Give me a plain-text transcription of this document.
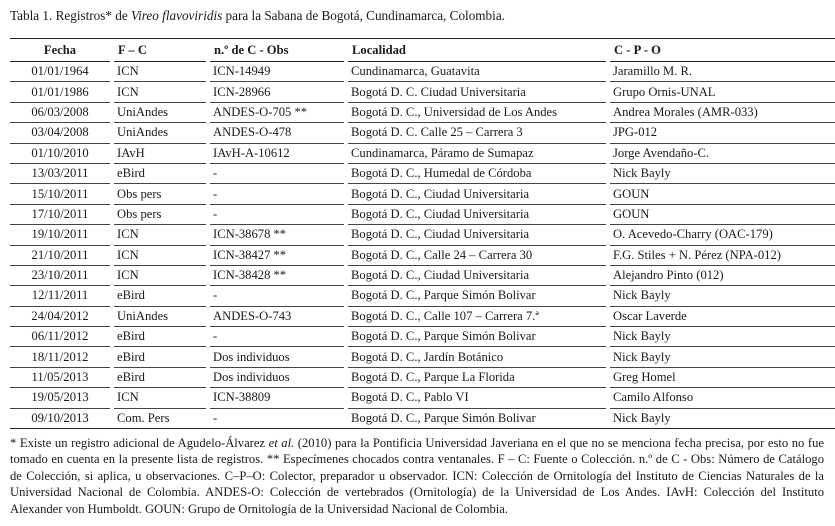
Tabla 1. Registros* de Vireo flavoviridis para la Sabana de Bogotá, Cundinamarca, Colombia.
Fecha		F – C		n.º de C - Obs		Localidad		C - P - O
01/01/1964		ICN		ICN-14949		Cundinamarca, Guatavita		Jaramillo M. R.
01/01/1986		ICN		ICN-28966		Bogotá D. C. Ciudad Universitaria		Grupo Ornis-UNAL
06/03/2008		UniAndes		ANDES-O-705 **		Bogotá D. C., Universidad de Los Andes		Andrea Morales (AMR-033)
03/04/2008		UniAndes		ANDES-O-478		Bogotá D. C. Calle 25 – Carrera 3		JPG-012
01/10/2010		IAvH		IAvH-A-10612		Cundinamarca, Páramo de Sumapaz		Jorge Avendaño-C.
13/03/2011		eBird		-		Bogotá D. C., Humedal de Córdoba		Nick Bayly
15/10/2011		Obs pers		-		Bogotá D. C., Ciudad Universitaria		GOUN
17/10/2011		Obs pers		-		Bogotá D. C., Ciudad Universitaria		GOUN
19/10/2011		ICN		ICN-38678 **		Bogotá D. C., Ciudad Universitaria		O. Acevedo-Charry (OAC-179)
21/10/2011		ICN		ICN-38427 **		Bogotá D. C., Calle 24 – Carrera 30		F.G. Stiles + N. Pérez (NPA-012)
23/10/2011		ICN		ICN-38428 **		Bogotá D. C., Ciudad Universitaria		Alejandro Pinto (012)
12/11/2011		eBird		-		Bogotá D. C., Parque Simón Bolivar		Nick Bayly
24/04/2012		UniAndes		ANDES-O-743		Bogotá D. C., Calle 107 – Carrera 7.ª		Oscar Laverde
06/11/2012		eBird		-		Bogotá D. C., Parque Simón Bolivar		Nick Bayly
18/11/2012		eBird		Dos individuos		Bogotá D. C., Jardín Botánico		Nick Bayly
11/05/2013		eBird		Dos individuos		Bogotá D. C., Parque La Florida		Greg Homel
19/05/2013		ICN		ICN-38809		Bogotá D. C., Pablo VI		Camilo Alfonso
09/10/2013		Com. Pers		-		Bogotá D. C., Parque Simón Bolivar		Nick Bayly
* Existe un registro adicional de Agudelo-Álvarez et al. (2010) para la Pontificia Universidad Javeriana en el que no se menciona fecha precisa, por esto no fue tomado en cuenta en la presente lista de registros. ** Especímenes chocados contra ventanales. F – C: Fuente o Colección. n.º de C - Obs: Número de Catálogo de Colección, si aplica, u observaciones. C–P–O: Colector, preparador u observador. ICN: Colección de Ornitología del Instituto de Ciencias Naturales de la Universidad Nacional de Colombia. ANDES-O: Colección de vertebrados (Ornitología) de la Universidad de Los Andes. IAvH: Colección del Instituto Alexander von Humboldt. GOUN: Grupo de Ornitología de la Universidad Nacional de Colombia.
